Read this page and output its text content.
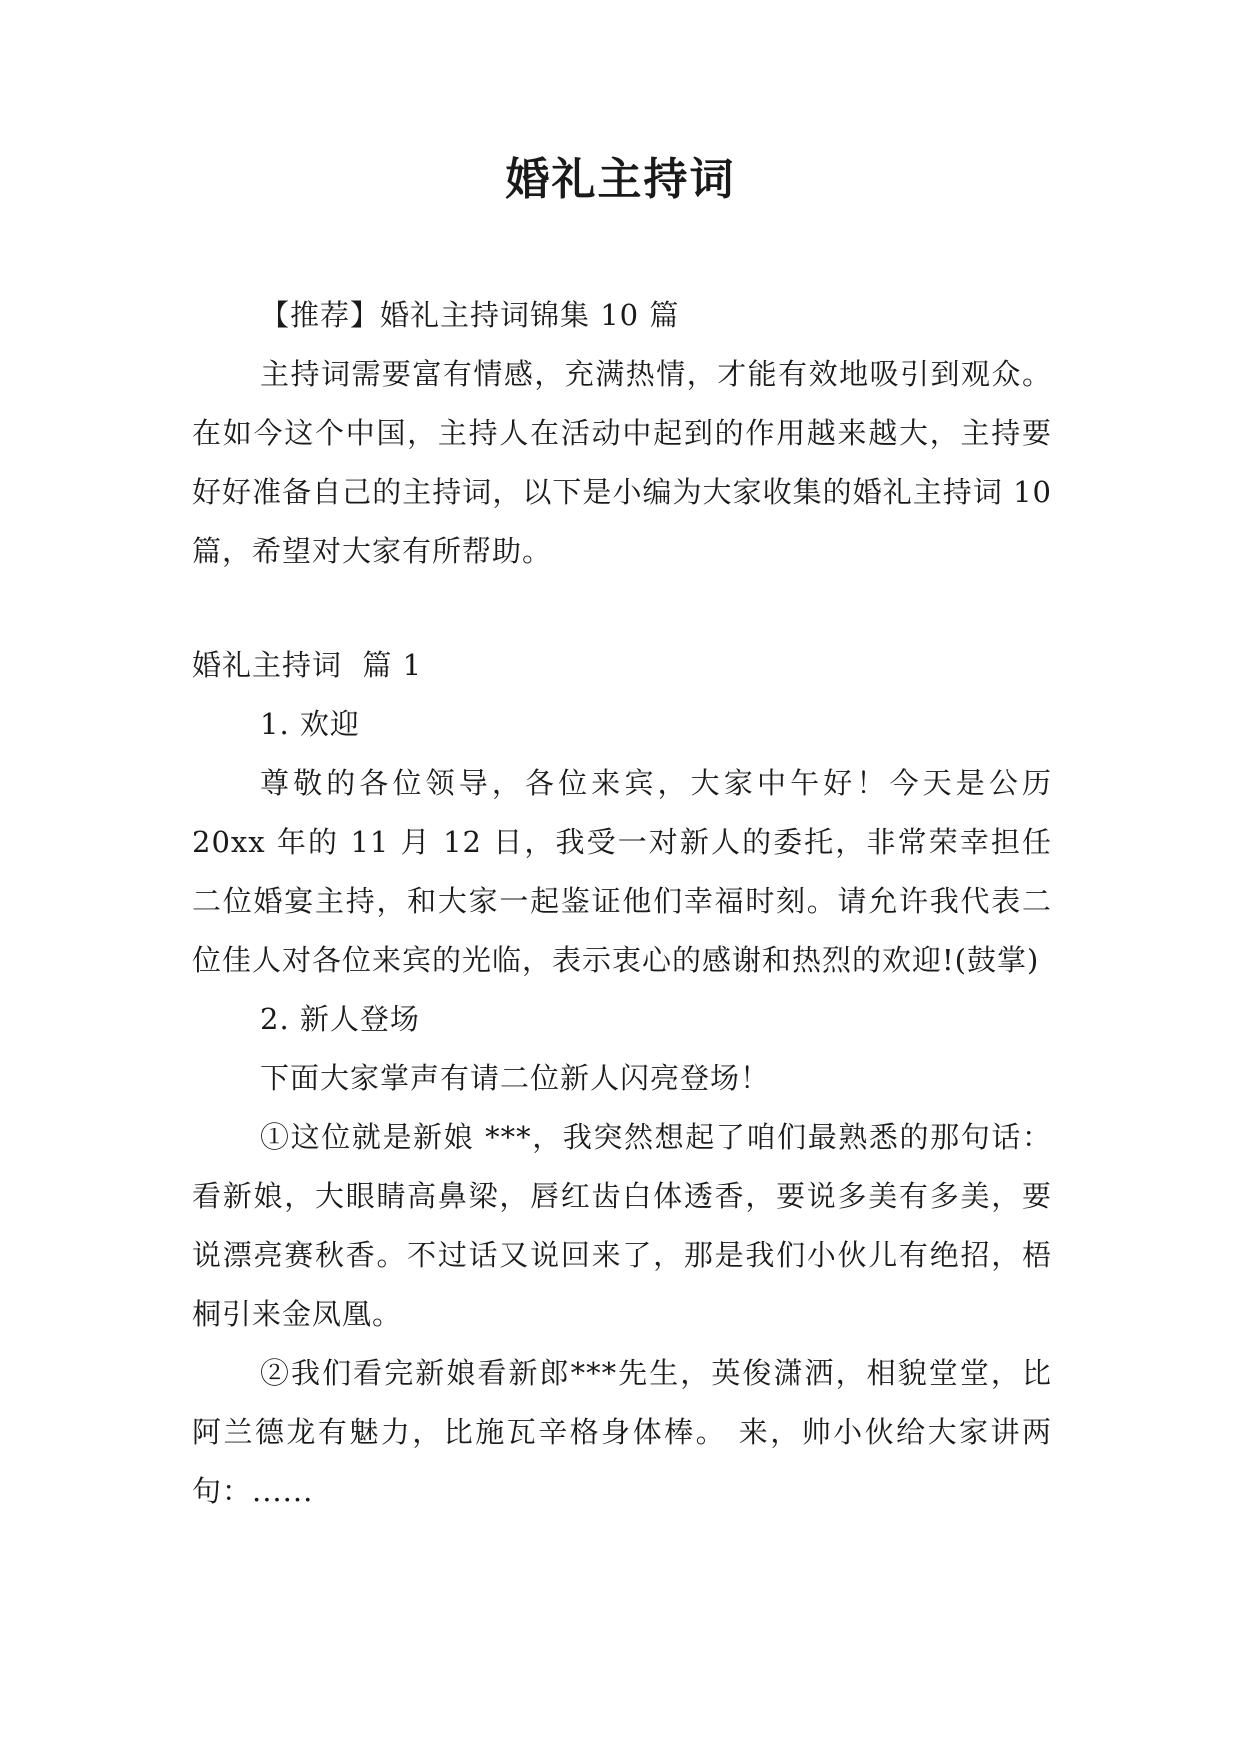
婚礼主持词

【推荐】婚礼主持词锦集 10 篇

主持词需要富有情感，充满热情，才能有效地吸引到观众。在如今这个中国，主持人在活动中起到的作用越来越大，主持要好好准备自己的主持词，以下是小编为大家收集的婚礼主持词 10 篇，希望对大家有所帮助。

婚礼主持词  篇 1

1. 欢迎

尊敬的各位领导，各位来宾，大家中午好！今天是公历 20xx 年的 11 月 12 日，我受一对新人的委托，非常荣幸担任二位婚宴主持，和大家一起鉴证他们幸福时刻。请允许我代表二位佳人对各位来宾的光临，表示衷心的感谢和热烈的欢迎!(鼓掌)

2. 新人登场

下面大家掌声有请二位新人闪亮登场！

①这位就是新娘 ***，我突然想起了咱们最熟悉的那句话：看新娘，大眼睛高鼻梁，唇红齿白体透香，要说多美有多美，要说漂亮赛秋香。不过话又说回来了，那是我们小伙儿有绝招，梧桐引来金凤凰。

②我们看完新娘看新郎***先生，英俊潇洒，相貌堂堂，比阿兰德龙有魅力，比施瓦辛格身体棒。 来，帅小伙给大家讲两句：......
